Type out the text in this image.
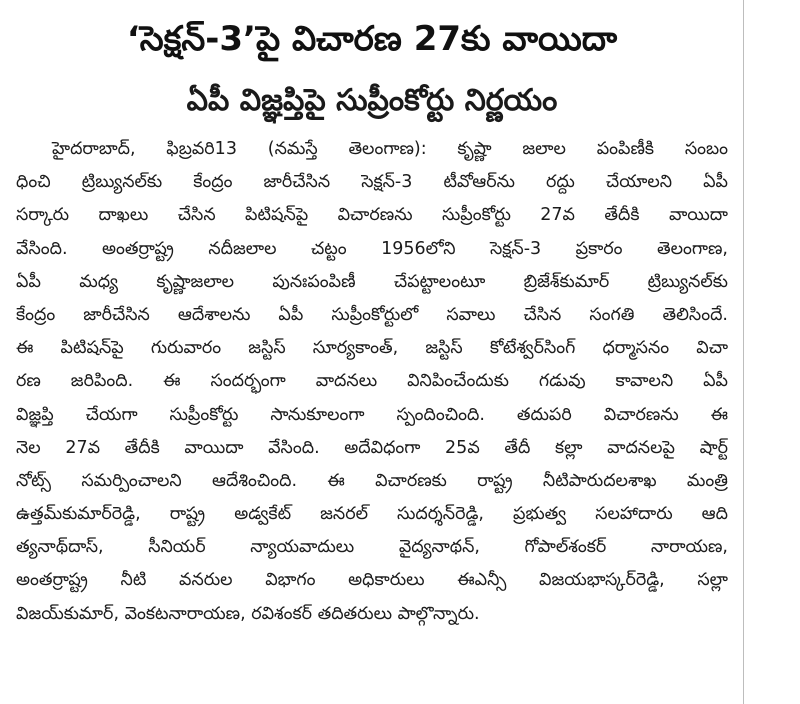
‘సెక్షన్-3’పై విచారణ 27కు వాయిదా
ఏపీ విజ్ఞప్తిపై సుప్రీంకోర్టు నిర్ణయం
హైదరాబాద్, ఫిబ్రవరి13 (నమస్తే తెలంగాణ): కృష్ణా జలాల పంపిణీకి సంబం
ధించి ట్రిబ్యునల్‌కు కేంద్రం జారీచేసిన సెక్షన్-3 టీవోఆర్‌ను రద్దు చేయాలని ఏపీ
సర్కారు దాఖలు చేసిన పిటిషన్‌పై విచారణను సుప్రీంకోర్టు 27వ తేదీకి వాయిదా
వేసింది. అంతర్రాష్ట్ర నదీజలాల చట్టం 1956లోని సెక్షన్-3 ప్రకారం తెలంగాణ,
ఏపీ మధ్య కృష్ణాజలాల పునఃపంపిణీ చేపట్టాలంటూ బ్రిజేశ్‌కుమార్ ట్రిబ్యునల్‌కు
కేంద్రం జారీచేసిన ఆదేశాలను ఏపీ సుప్రీంకోర్టులో సవాలు చేసిన సంగతి తెలిసిందే.
ఈ పిటిషన్‌పై గురువారం జస్టిస్ సూర్యకాంత్, జస్టిస్ కోటేశ్వర్‌సింగ్ ధర్మాసనం విచా
రణ జరిపింది. ఈ సందర్భంగా వాదనలు వినిపించేందుకు గడువు కావాలని ఏపీ
విజ్ఞప్తి చేయగా సుప్రీంకోర్టు సానుకూలంగా స్పందించింది. తదుపరి విచారణను ఈ
నెల 27వ తేదీకి వాయిదా వేసింది. అదేవిధంగా 25వ తేదీ కల్లా వాదనలపై షార్ట్
నోట్స్ సమర్పించాలని ఆదేశించింది. ఈ విచారణకు రాష్ట్ర నీటిపారుదలశాఖ మంత్రి
ఉత్తమ్‌కుమార్‌రెడ్డి, రాష్ట్ర అడ్వకేట్ జనరల్ సుదర్శన్‌రెడ్డి, ప్రభుత్వ సలహాదారు ఆది
త్యనాథ్‌దాస్, సీనియర్ న్యాయవాదులు వైద్యనాథన్, గోపాల్‌శంకర్ నారాయణ,
అంతర్రాష్ట్ర నీటి వనరుల విభాగం అధికారులు ఈఎన్సీ విజయభాస్కర్‌రెడ్డి, సల్లా
విజయ్‌కుమార్, వెంకటనారాయణ, రవిశంకర్ తదితరులు పాల్గొన్నారు.
